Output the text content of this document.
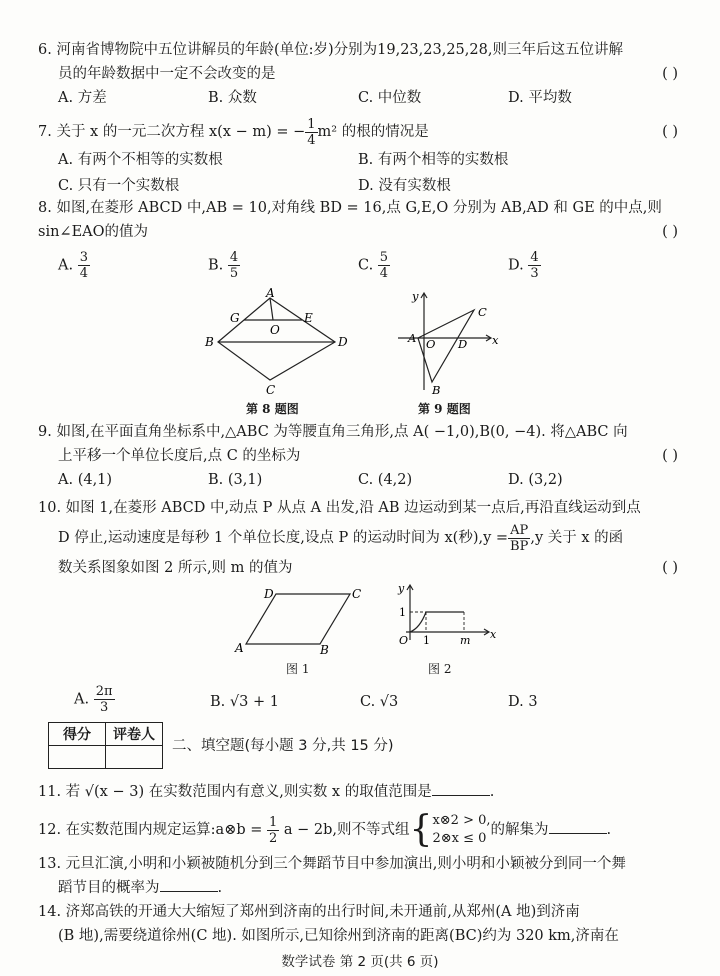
6. 河南省博物院中五位讲解员的年龄(单位:岁)分别为19,23,23,25,28,则三年后这五位讲解
员的年龄数据中一定不会改变的是	( )
A. 方差	B. 众数	C. 中位数	D. 平均数
7. 关于 x 的一元二次方程 x(x − m) = − $\frac{1}{4} m^2$ 的根的情况是	( )
A. 有两个不相等的实数根	B. 有两个相等的实数根
C. 只有一个实数根	D. 没有实数根
8. 如图,在菱形 ABCD 中,AB = 10,对角线 BD = 16,点 G,E,O 分别为 AB,AD 和 GE 的中点,则
sin∠EAO的值为	( )
A. $\frac{3}{4}$	B. $\frac{4}{5}$	C. $\frac{5}{4}$	D. $\frac{4}{3}$
A
G	E
O
B	D
C
第 8 题图
A O D
C
B
y
x
第 9 题图
9. 如图,在平面直角坐标系中,△ABC 为等腰直角三角形,点 A( −1,0),B(0, −4). 将△ABC 向
上平移一个单位长度后,点 C 的坐标为	( )
A. (4,1)	B. (3,1)	C. (4,2)	D. (3,2)
10. 如图 1,在菱形 ABCD 中,动点 P 从点 A 出发,沿 AB 边运动到某一点后,再沿直线运动到点
D 停止,运动速度是每秒 1 个单位长度,设点 P 的运动时间为 x(秒)$,y = \frac{AP}{BP} ,y$ 关于 x 的函
数关系图象如图 2 所示,则 m 的值为	( )
A	B
C
D
图 1
y
x
O
1
1	m
图 2
A. $\frac{2\pi}{3}$	B. √3 + 1	C. √3	D. 3
得分	评卷人

二、填空题(每小题 3 分,共 15 分)
11. 若 √(x − 3) 在实数范围内有意义,则实数 x 的取值范围是	.
12. 在实数范围内规定运算:a⊗b = $\frac{1}{2}$ a − 2b,则不等式组{ x⊗2 > 0,
2⊗x ≤ 0
的解集为	.
13. 元旦汇演,小明和小颖被随机分到三个舞蹈节目中参加演出,则小明和小颖被分到同一个舞
蹈节目的概率为	.
14. 济郑高铁的开通大大缩短了郑州到济南的出行时间,未开通前,从郑州(A 地)到济南
(B 地),需要绕道徐州(C 地). 如图所示,已知徐州到济南的距离(BC)约为 320 km,济南在
数学试卷 第 2 页(共 6 页)
